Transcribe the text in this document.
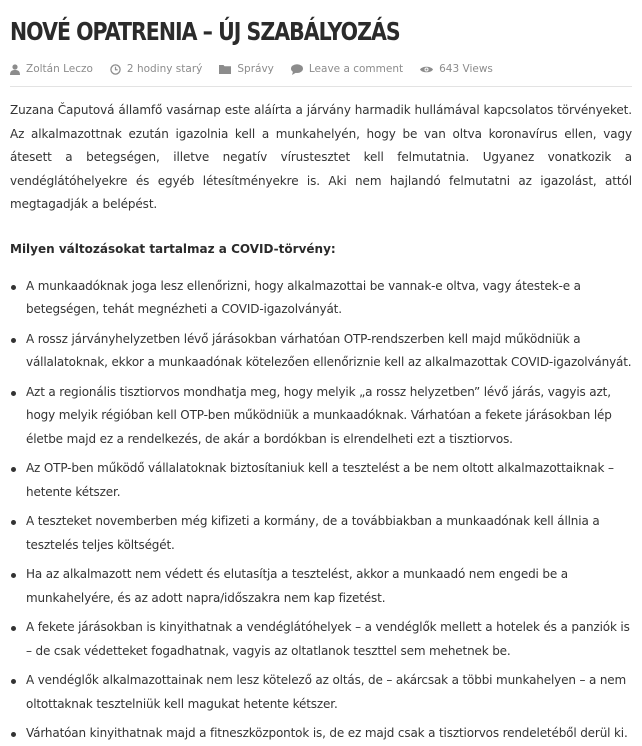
NOVÉ OPATRENIA – ÚJ SZABÁLYOZÁS
Zoltán Leczo	2 hodiny starý	Správy	Leave a comment	643 Views

Zuzana Čaputová államfő vasárnap este aláírta a járvány harmadik hullámával kapcsolatos törvényeket. Az alkalmazottnak ezután igazolnia kell a munkahelyén, hogy be van oltva koronavírus ellen, vagy átesett a betegségen, illetve negatív vírustesztet kell felmutatnia. Ugyanez vonatkozik a vendéglátóhelyekre és egyéb létesítményekre is. Aki nem hajlandó felmutatni az igazolást, attól megtagadják a belépést.

Milyen változásokat tartalmaz a COVID-törvény:

A munkaadóknak joga lesz ellenőrizni, hogy alkalmazottai be vannak-e oltva, vagy átestek-e a betegségen, tehát megnézheti a COVID-igazolványát.
A rossz járványhelyzetben lévő járásokban várhatóan OTP-rendszerben kell majd működniük a vállalatoknak, ekkor a munkaadónak kötelezően ellenőriznie kell az alkalmazottak COVID-igazolványát.
Azt a regionális tisztiorvos mondhatja meg, hogy melyik „a rossz helyzetben” lévő járás, vagyis azt, hogy melyik régióban kell OTP-ben működniük a munkaadóknak. Várhatóan a fekete járásokban lép életbe majd ez a rendelkezés, de akár a bordókban is elrendelheti ezt a tisztiorvos.
Az OTP-ben működő vállalatoknak biztosítaniuk kell a tesztelést a be nem oltott alkalmazottaiknak – hetente kétszer.
A teszteket novemberben még kifizeti a kormány, de a továbbiakban a munkaadónak kell állnia a tesztelés teljes költségét.
Ha az alkalmazott nem védett és elutasítja a tesztelést, akkor a munkaadó nem engedi be a munkahelyére, és az adott napra/időszakra nem kap fizetést.
A fekete járásokban is kinyithatnak a vendéglátóhelyek – a vendéglők mellett a hotelek és a panziók is – de csak védetteket fogadhatnak, vagyis az oltatlanok teszttel sem mehetnek be.
A vendéglők alkalmazottainak nem lesz kötelező az oltás, de – akárcsak a többi munkahelyen – a nem oltottaknak tesztelniük kell magukat hetente kétszer.
Várhatóan kinyithatnak majd a fitneszközpontok is, de ez majd csak a tisztiorvos rendeletéből derül ki.
